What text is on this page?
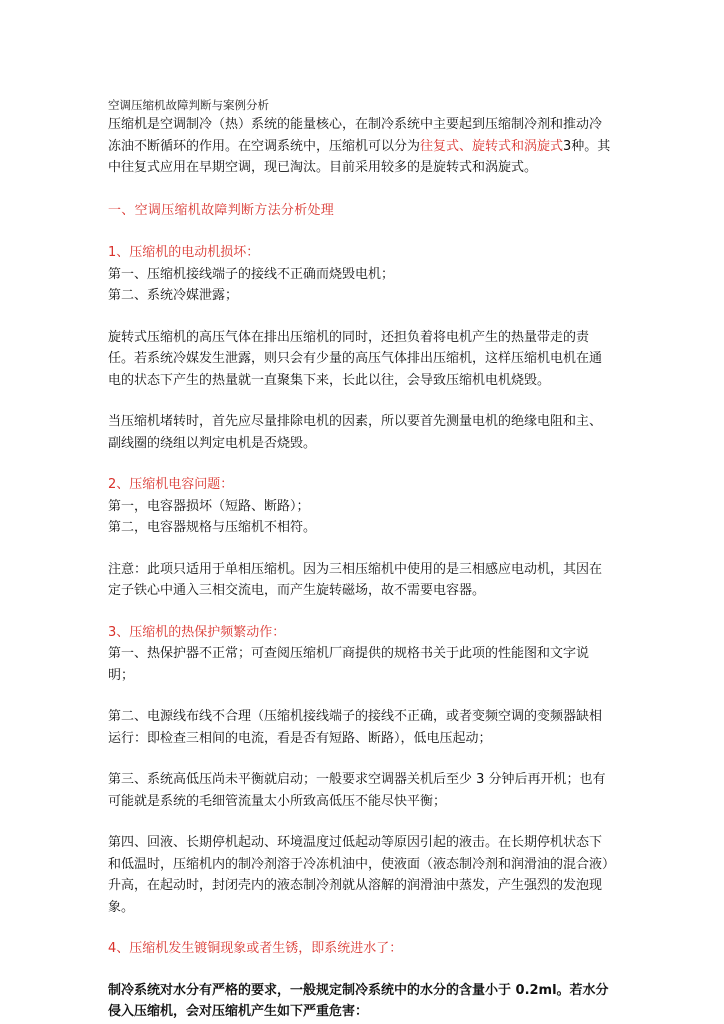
空调压缩机故障判断与案例分析

压缩机是空调制冷（热）系统的能量核心，在制冷系统中主要起到压缩制冷剂和推动冷冻油不断循环的作用。在空调系统中，压缩机可以分为往复式、旋转式和涡旋式3种。其中往复式应用在早期空调，现已淘汰。目前采用较多的是旋转式和涡旋式。

一、空调压缩机故障判断方法分析处理

1、压缩机的电动机损坏：

第一、压缩机接线端子的接线不正确而烧毁电机；

第二、系统冷媒泄露；

旋转式压缩机的高压气体在排出压缩机的同时，还担负着将电机产生的热量带走的责任。若系统冷媒发生泄露，则只会有少量的高压气体排出压缩机，这样压缩机电机在通电的状态下产生的热量就一直聚集下来，长此以往，会导致压缩机电机烧毁。

当压缩机堵转时，首先应尽量排除电机的因素，所以要首先测量电机的绝缘电阻和主、副线圈的绕组以判定电机是否烧毁。

2、压缩机电容问题：

第一，电容器损坏（短路、断路）；

第二，电容器规格与压缩机不相符。

注意：此项只适用于单相压缩机。因为三相压缩机中使用的是三相感应电动机，其因在定子铁心中通入三相交流电，而产生旋转磁场，故不需要电容器。

3、压缩机的热保护频繁动作：

第一、热保护器不正常；可查阅压缩机厂商提供的规格书关于此项的性能图和文字说明；

第二、电源线布线不合理（压缩机接线端子的接线不正确，或者变频空调的变频器缺相运行：即检查三相间的电流，看是否有短路、断路），低电压起动；

第三、系统高低压尚未平衡就启动；一般要求空调器关机后至少 3 分钟后再开机；也有可能就是系统的毛细管流量太小所致高低压不能尽快平衡；

第四、回液、长期停机起动、环境温度过低起动等原因引起的液击。在长期停机状态下和低温时，压缩机内的制冷剂溶于冷冻机油中，使液面（液态制冷剂和润滑油的混合液）升高，在起动时，封闭壳内的液态制冷剂就从溶解的润滑油中蒸发，产生强烈的发泡现象。

4、压缩机发生镀铜现象或者生锈，即系统进水了：

制冷系统对水分有严格的要求，一般规定制冷系统中的水分的含量小于 0.2ml。若水分侵入压缩机，会对压缩机产生如下严重危害：
